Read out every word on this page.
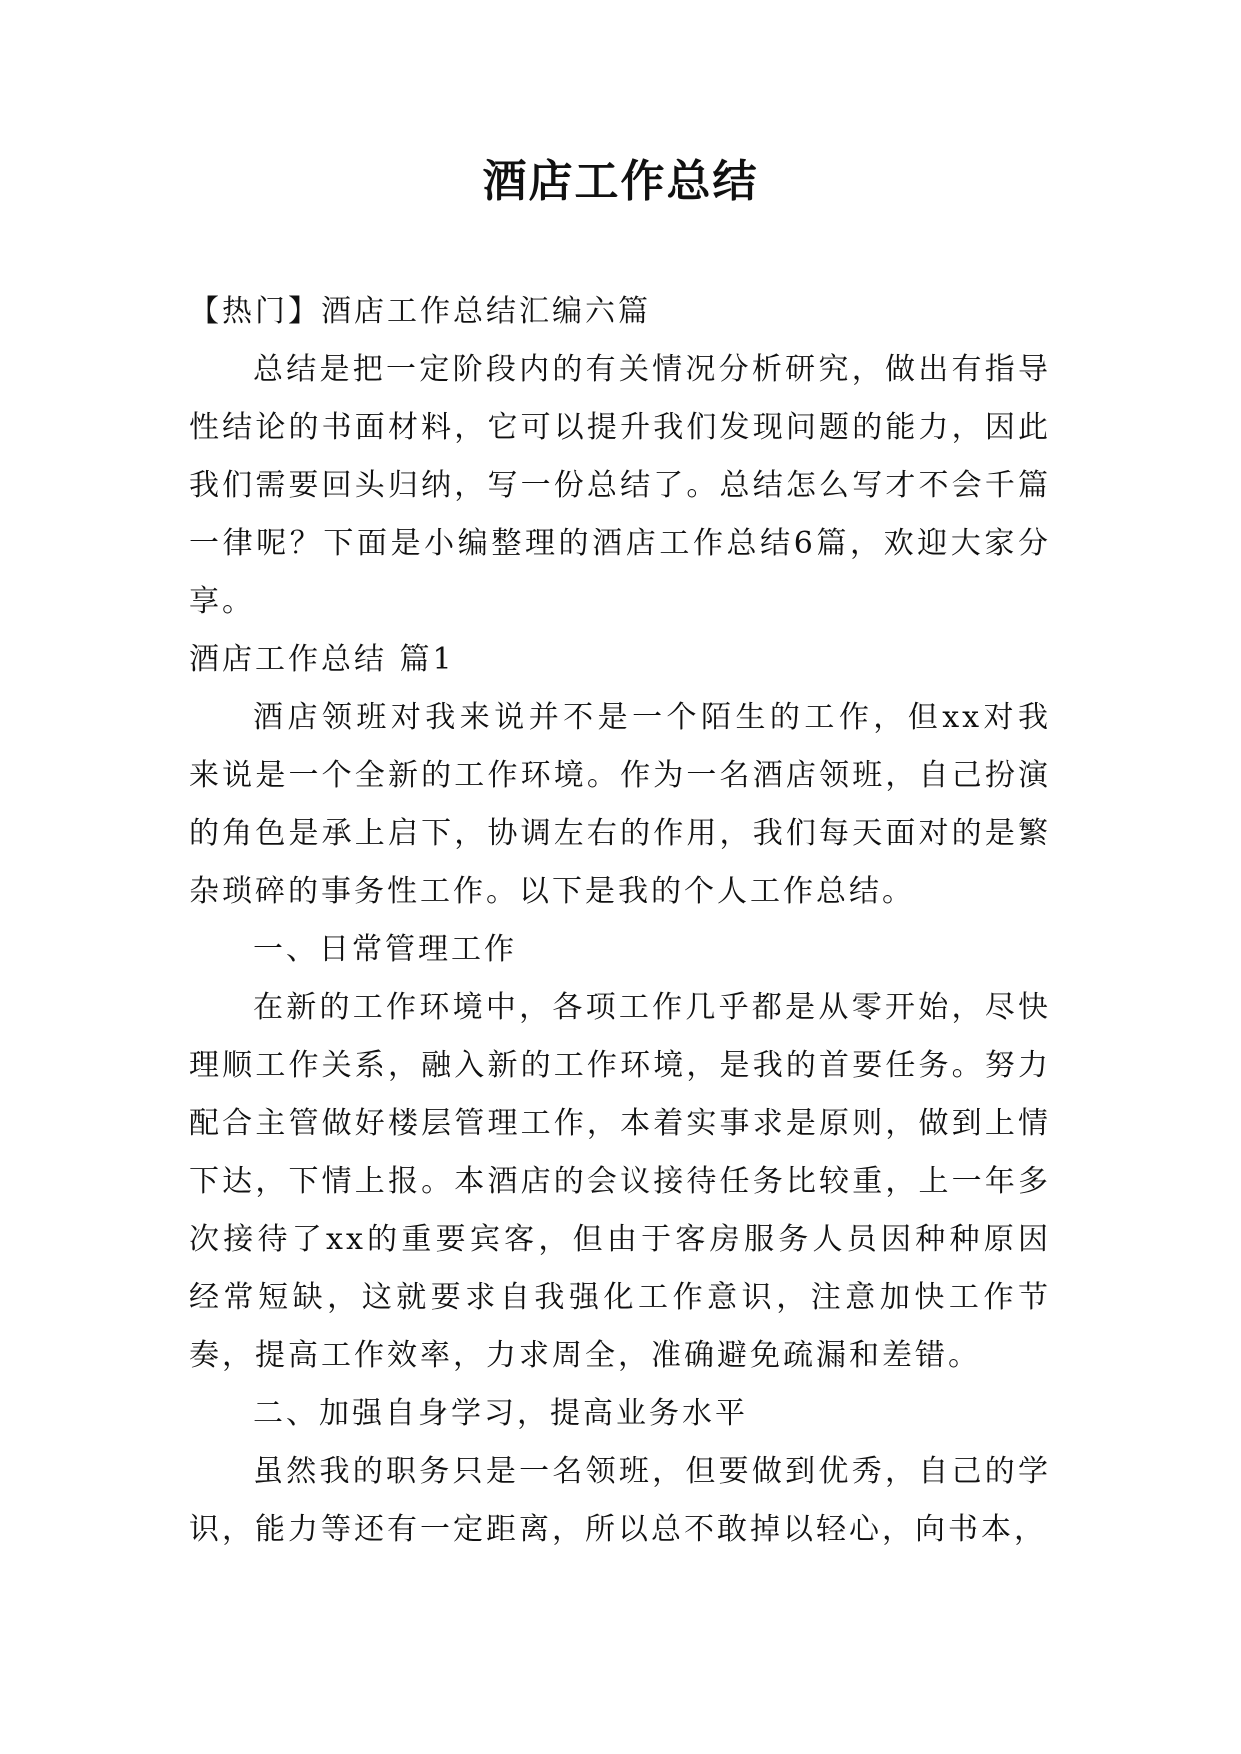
酒店工作总结

【热门】酒店工作总结汇编六篇

总结是把一定阶段内的有关情况分析研究，做出有指导性结论的书面材料，它可以提升我们发现问题的能力，因此我们需要回头归纳，写一份总结了。总结怎么写才不会千篇一律呢？下面是小编整理的酒店工作总结6篇，欢迎大家分享。

酒店工作总结 篇1

酒店领班对我来说并不是一个陌生的工作，但xx对我来说是一个全新的工作环境。作为一名酒店领班，自己扮演的角色是承上启下，协调左右的作用，我们每天面对的是繁杂琐碎的事务性工作。以下是我的个人工作总结。

一、日常管理工作

在新的工作环境中，各项工作几乎都是从零开始，尽快理顺工作关系，融入新的工作环境，是我的首要任务。努力配合主管做好楼层管理工作，本着实事求是原则，做到上情下达，下情上报。本酒店的会议接待任务比较重，上一年多次接待了xx的重要宾客，但由于客房服务人员因种种原因经常短缺，这就要求自我强化工作意识，注意加快工作节奏，提高工作效率，力求周全，准确避免疏漏和差错。

二、加强自身学习，提高业务水平

虽然我的职务只是一名领班，但要做到优秀，自己的学识，能力等还有一定距离，所以总不敢掉以轻心，向书本，
